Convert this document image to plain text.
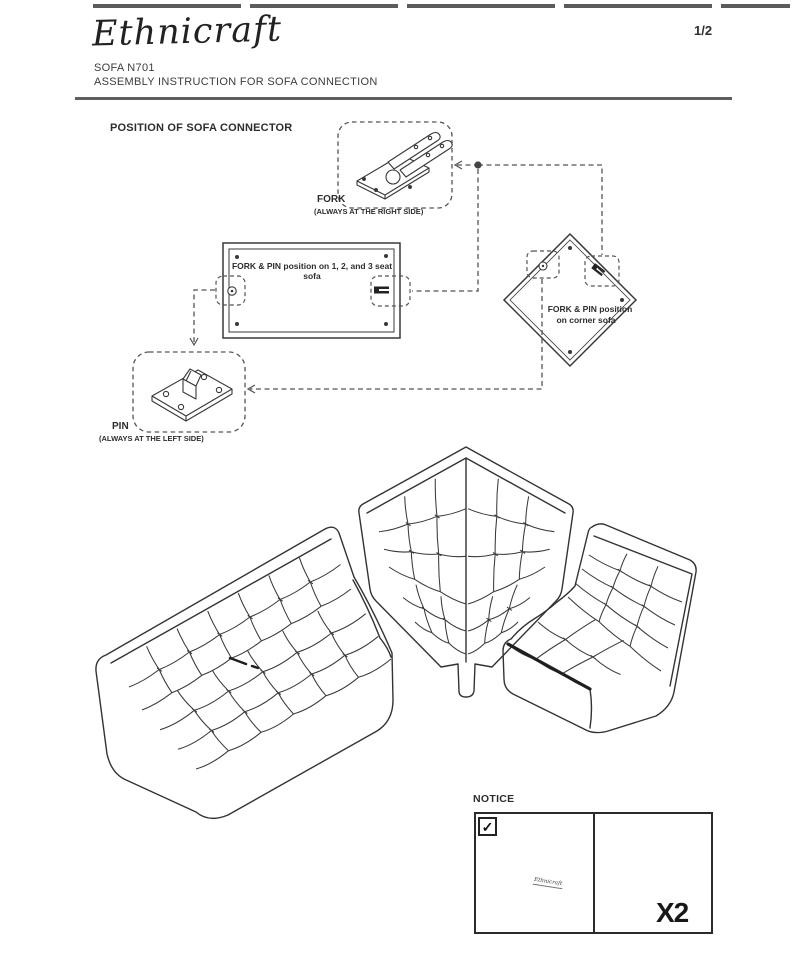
Ethnicraft	1/2
SOFA N701
ASSEMBLY INSTRUCTION FOR SOFA CONNECTION
POSITION OF SOFA CONNECTOR
FORK
(ALWAYS AT THE RIGHT SIDE)
PIN
(ALWAYS AT THE LEFT SIDE)
FORK & PIN position on 1, 2, and 3 seat sofa
FORK & PIN position
on corner sofa
NOTICE
✓
Ethnicraft
X2
